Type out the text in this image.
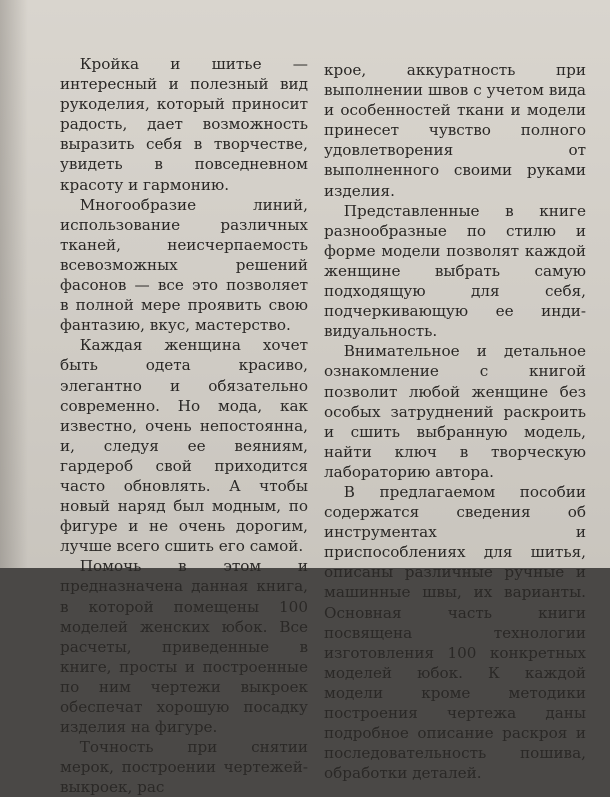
Кройка и шитье — интересный и полезный вид рукоделия, который приносит радость, дает возможность выразить себя в творчестве, увидеть в повседневном красоту и гармонию.

Многообразие линий, использование различных тканей, неисчерпаемость всевозможных решений фасонов — все это позволяет в полной мере проявить свою фантазию, вкус, мастерство.

Каждая женщина хочет быть одета красиво, элегантно и обязательно современно. Но мода, как известно, очень непостоянна, и, следуя ее веяниям, гардероб свой приходится часто обновлять. А чтобы новый наряд был модным, по фигуре и не очень дорогим, лучше всего сшить его самой.

Помочь в этом и предназначена данная книга, в которой помещены 100 моделей женских юбок. Все расчеты, приведенные в книге, просты и построенные по ним чертежи выкроек обеспечат хорошую посадку изделия на фигуре.

Точность при снятии мерок, построении чертежей-выкроек, рас

крое, аккуратность при выполнении швов с учетом вида и особенностей ткани и модели принесет чувство полного удовлетворения от выполненного своими руками изделия.

Представленные в книге разнообразные по стилю и форме модели позволят каждой женщине выбрать самую подходящую для себя, подчеркивающую ее индивидуальность.

Внимательное и детальное ознакомление с книгой позволит любой женщине без особых затруднений раскроить и сшить выбранную модель, найти ключ в творческую лабораторию автора.

В предлагаемом пособии содержатся сведения об инструментах и приспособлениях для шитья, описаны различные ручные и машинные швы, их варианты. Основная часть книги посвящена технологии изготовления 100 конкретных моделей юбок. К каждой модели кроме методики построения чертежа даны подробное описание раскроя и последовательность пошива, обработки деталей.
